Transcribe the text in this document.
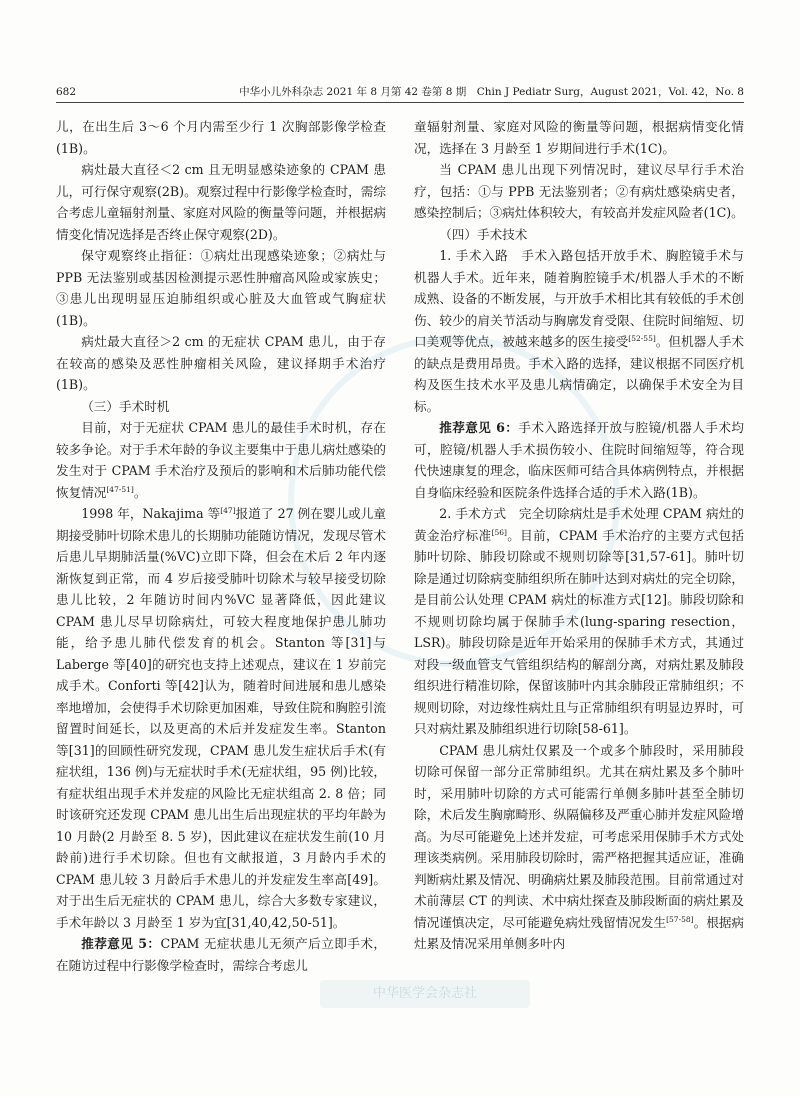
682	中华小儿外科杂志 2021 年 8 月第 42 卷第 8 期　Chin J Pediatr Surg，August 2021，Vol. 42，No. 8

儿，在出生后 3～6 个月内需至少行 1 次胸部影像学检查(1B)。

病灶最大直径＜2 cm 且无明显感染迹象的 CPAM 患儿，可行保守观察(2B)。观察过程中行影像学检查时，需综合考虑儿童辐射剂量、家庭对风险的衡量等问题，并根据病情变化情况选择是否终止保守观察(2D)。

保守观察终止指征：①病灶出现感染迹象；②病灶与 PPB 无法鉴别或基因检测提示恶性肿瘤高风险或家族史；③患儿出现明显压迫肺组织或心脏及大血管或气胸症状(1B)。

病灶最大直径＞2 cm 的无症状 CPAM 患儿，由于存在较高的感染及恶性肿瘤相关风险，建议择期手术治疗(1B)。

（三）手术时机

目前，对于无症状 CPAM 患儿的最佳手术时机，存在较多争论。对于手术年龄的争议主要集中于患儿病灶感染的发生对于 CPAM 手术治疗及预后的影响和术后肺功能代偿恢复情况[47-51]。

1998 年，Nakajima 等[47]报道了 27 例在婴儿或儿童期接受肺叶切除术患儿的长期肺功能随访情况，发现尽管术后患儿早期肺活量(%VC)立即下降，但会在术后 2 年内逐渐恢复到正常，而 4 岁后接受肺叶切除术与较早接受切除患儿比较，2 年随访时间内%VC 显著降低，因此建议 CPAM 患儿尽早切除病灶，可较大程度地保护患儿肺功能，给予患儿肺代偿发育的机会。Stanton 等[31]与 Laberge 等[40]的研究也支持上述观点，建议在 1 岁前完成手术。Conforti 等[42]认为，随着时间进展和患儿感染率地增加，会使得手术切除更加困难，导致住院和胸腔引流留置时间延长，以及更高的术后并发症发生率。Stanton 等[31]的回顾性研究发现，CPAM 患儿发生症状后手术(有症状组，136 例)与无症状时手术(无症状组，95 例)比较，有症状组出现手术并发症的风险比无症状组高 2. 8 倍；同时该研究还发现 CPAM 患儿出生后出现症状的平均年龄为 10 月龄(2 月龄至 8. 5 岁)，因此建议在症状发生前(10 月龄前)进行手术切除。但也有文献报道，3 月龄内手术的 CPAM 患儿较 3 月龄后手术患儿的并发症发生率高[49]。对于出生后无症状的 CPAM 患儿，综合大多数专家建议，手术年龄以 3 月龄至 1 岁为宜[31,40,42,50-51]。

推荐意见 5：CPAM 无症状患儿无须产后立即手术，在随访过程中行影像学检查时，需综合考虑儿

童辐射剂量、家庭对风险的衡量等问题，根据病情变化情况，选择在 3 月龄至 1 岁期间进行手术(1C)。

当 CPAM 患儿出现下列情况时，建议尽早行手术治疗，包括：①与 PPB 无法鉴别者；②有病灶感染病史者，感染控制后；③病灶体积较大，有较高并发症风险者(1C)。

（四）手术技术

1. 手术入路　手术入路包括开放手术、胸腔镜手术与机器人手术。近年来，随着胸腔镜手术/机器人手术的不断成熟、设备的不断发展，与开放手术相比其有较低的手术创伤、较少的肩关节活动与胸廓发育受限、住院时间缩短、切口美观等优点，被越来越多的医生接受[52-55]。但机器人手术的缺点是费用昂贵。手术入路的选择，建议根据不同医疗机构及医生技术水平及患儿病情确定，以确保手术安全为目标。

推荐意见 6：手术入路选择开放与腔镜/机器人手术均可，腔镜/机器人手术损伤较小、住院时间缩短等，符合现代快速康复的理念，临床医师可结合具体病例特点，并根据自身临床经验和医院条件选择合适的手术入路(1B)。

2. 手术方式　完全切除病灶是手术处理 CPAM 病灶的黄金治疗标准[56]。目前，CPAM 手术治疗的主要方式包括肺叶切除、肺段切除或不规则切除等[31,57-61]。肺叶切除是通过切除病变肺组织所在肺叶达到对病灶的完全切除，是目前公认处理 CPAM 病灶的标准方式[12]。肺段切除和不规则切除均属于保肺手术(lung-sparing resection，LSR)。肺段切除是近年开始采用的保肺手术方式，其通过对段一级血管支气管组织结构的解剖分离，对病灶累及肺段组织进行精准切除，保留该肺叶内其余肺段正常肺组织；不规则切除，对边缘性病灶且与正常肺组织有明显边界时，可只对病灶累及肺组织进行切除[58-61]。

CPAM 患儿病灶仅累及一个或多个肺段时，采用肺段切除可保留一部分正常肺组织。尤其在病灶累及多个肺叶时，采用肺叶切除的方式可能需行单侧多肺叶甚至全肺切除，术后发生胸廓畸形、纵隔偏移及严重心肺并发症风险增高。为尽可能避免上述并发症，可考虑采用保肺手术方式处理该类病例。采用肺段切除时，需严格把握其适应证，准确判断病灶累及情况、明确病灶累及肺段范围。目前常通过对术前薄层 CT 的判读、术中病灶探查及肺段断面的病灶累及情况谨慎决定，尽可能避免病灶残留情况发生[57-58]。根据病灶累及情况采用单侧多叶内

中华医学会杂志社
